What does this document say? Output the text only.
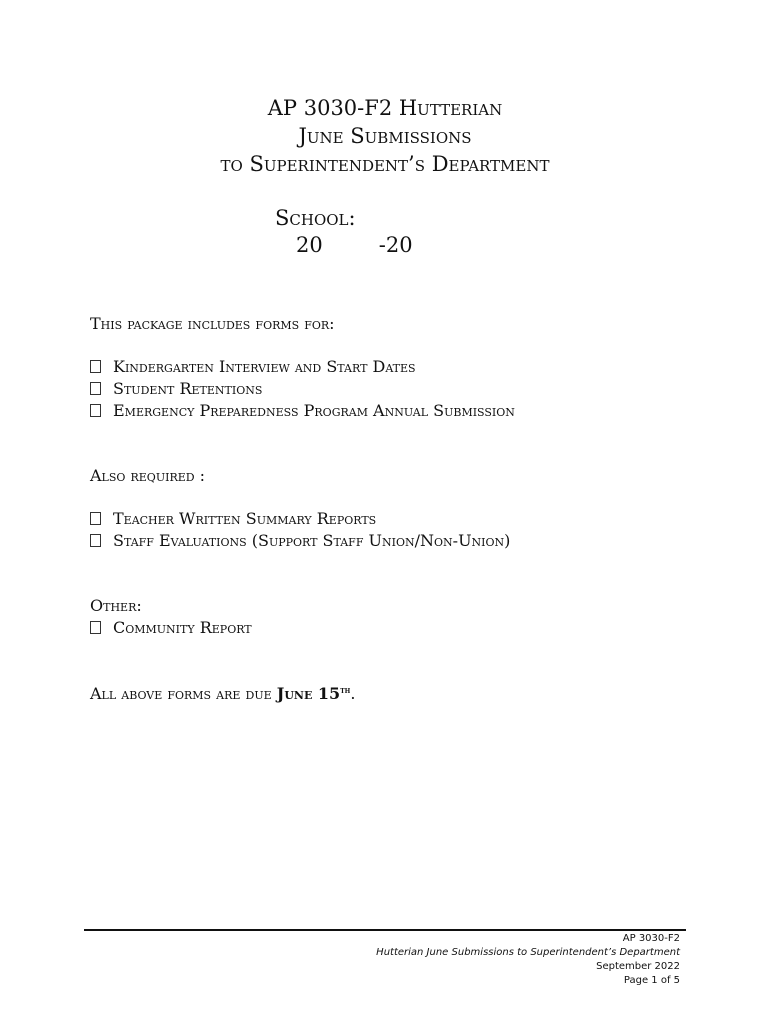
AP 3030-F2 Hutterian
June Submissions
to Superintendent’s Department
School:
20	-20
This package includes forms for:
Kindergarten Interview and Start Dates
Student Retentions
Emergency Preparedness Program Annual Submission
Also required :
Teacher Written Summary Reports
Staff Evaluations (Support Staff Union/Non-Union)
Other:
Community Report
All above forms are due June 15th.
AP 3030-F2
Hutterian June Submissions to Superintendent’s Department
September 2022
Page 1 of 5
